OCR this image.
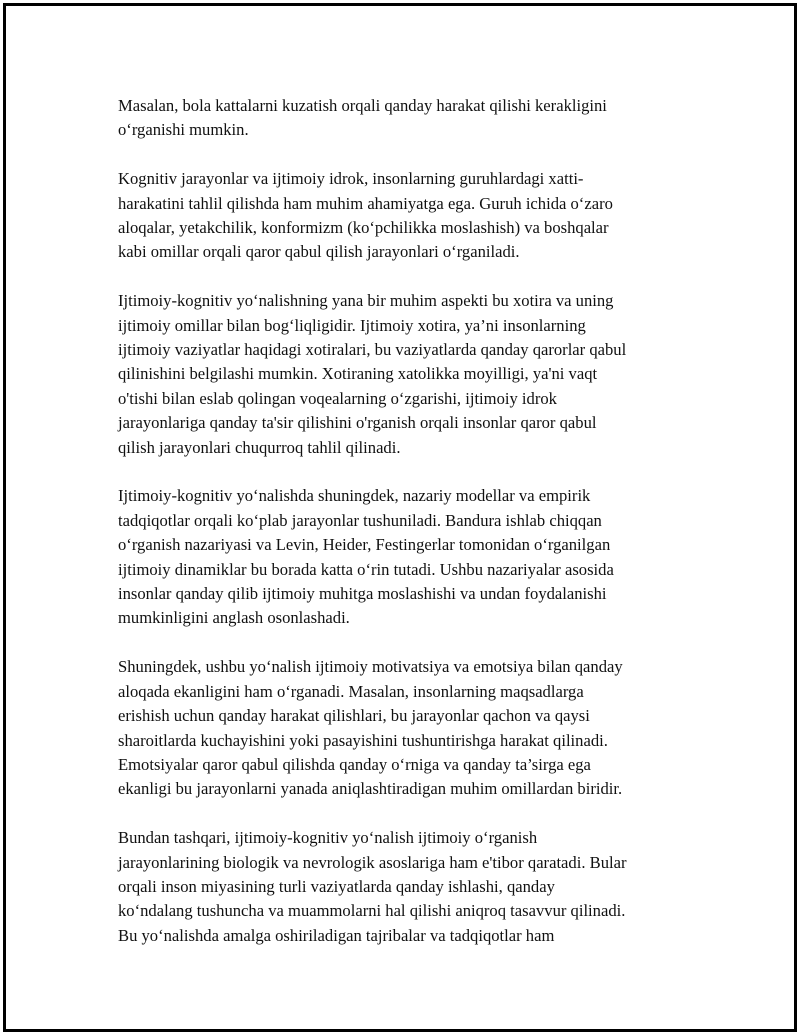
Masalan, bola kattalarni kuzatish orqali qanday harakat qilishi kerakligini
o‘rganishi mumkin.

Kognitiv jarayonlar va ijtimoiy idrok, insonlarning guruhlardagi xatti-
harakatini tahlil qilishda ham muhim ahamiyatga ega. Guruh ichida o‘zaro
aloqalar, yetakchilik, konformizm (ko‘pchilikka moslashish) va boshqalar
kabi omillar orqali qaror qabul qilish jarayonlari o‘rganiladi.

Ijtimoiy-kognitiv yo‘nalishning yana bir muhim aspekti bu xotira va uning
ijtimoiy omillar bilan bog‘liqligidir. Ijtimoiy xotira, ya’ni insonlarning
ijtimoiy vaziyatlar haqidagi xotiralari, bu vaziyatlarda qanday qarorlar qabul
qilinishini belgilashi mumkin. Xotiraning xatolikka moyilligi, ya'ni vaqt
o'tishi bilan eslab qolingan voqealarning o‘zgarishi, ijtimoiy idrok
jarayonlariga qanday ta'sir qilishini o'rganish orqali insonlar qaror qabul
qilish jarayonlari chuqurroq tahlil qilinadi.

Ijtimoiy-kognitiv yo‘nalishda shuningdek, nazariy modellar va empirik
tadqiqotlar orqali ko‘plab jarayonlar tushuniladi. Bandura ishlab chiqqan
o‘rganish nazariyasi va Levin, Heider, Festingerlar tomonidan o‘rganilgan
ijtimoiy dinamiklar bu borada katta o‘rin tutadi. Ushbu nazariyalar asosida
insonlar qanday qilib ijtimoiy muhitga moslashishi va undan foydalanishi
mumkinligini anglash osonlashadi.

Shuningdek, ushbu yo‘nalish ijtimoiy motivatsiya va emotsiya bilan qanday
aloqada ekanligini ham o‘rganadi. Masalan, insonlarning maqsadlarga
erishish uchun qanday harakat qilishlari, bu jarayonlar qachon va qaysi
sharoitlarda kuchayishini yoki pasayishini tushuntirishga harakat qilinadi.
Emotsiyalar qaror qabul qilishda qanday o‘rniga va qanday ta’sirga ega
ekanligi bu jarayonlarni yanada aniqlashtiradigan muhim omillardan biridir.

Bundan tashqari, ijtimoiy-kognitiv yo‘nalish ijtimoiy o‘rganish
jarayonlarining biologik va nevrologik asoslariga ham e'tibor qaratadi. Bular
orqali inson miyasining turli vaziyatlarda qanday ishlashi, qanday
ko‘ndalang tushuncha va muammolarni hal qilishi aniqroq tasavvur qilinadi.
Bu yo‘nalishda amalga oshiriladigan tajribalar va tadqiqotlar ham
